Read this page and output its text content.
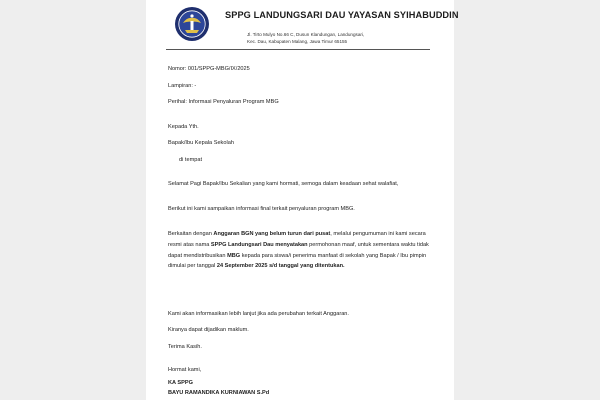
SPPG LANDUNGSARI DAU YAYASAN SYIHABUDDIN
Jl. Tirto Mulyo No.66 C, Dusun Klandungan, Landungsari,
Kec. Dau, Kabupaten Malang, Jawa Timur 65155
Nomor: 001/SPPG-MBG/IX/2025
Lampiran: -
Perihal: Informasi Penyaluran Program MBG
Kepada Yth.
Bapak/Ibu Kepala Sekolah
di tempat
Selamat Pagi Bapak/Ibu Sekalian yang kami hormati, semoga dalam keadaan sehat walafiat,
Berikut ini kami sampaikan informasi final terkait penyaluran program MBG.
Berkaitan dengan Anggaran BGN yang belum turun dari pusat, melalui pengumuman ini kami secara resmi atas nama SPPG Landungsari Dau menyatakan permohonan maaf, untuk sementara waktu tidak dapat mendistribusikan MBG kepada para siswa/i penerima manfaat di sekolah yang Bapak / Ibu pimpin dimulai per tanggal 24 September 2025 s/d tanggal yang ditentukan.
Kami akan informasikan lebih lanjut jika ada perubahan terkait Anggaran.
Kiranya dapat dijadikan maklum.
Terima Kasih.
Hormat kami,
KA SPPG
BAYU RAMANDIKA KURNIAWAN S.Pd
